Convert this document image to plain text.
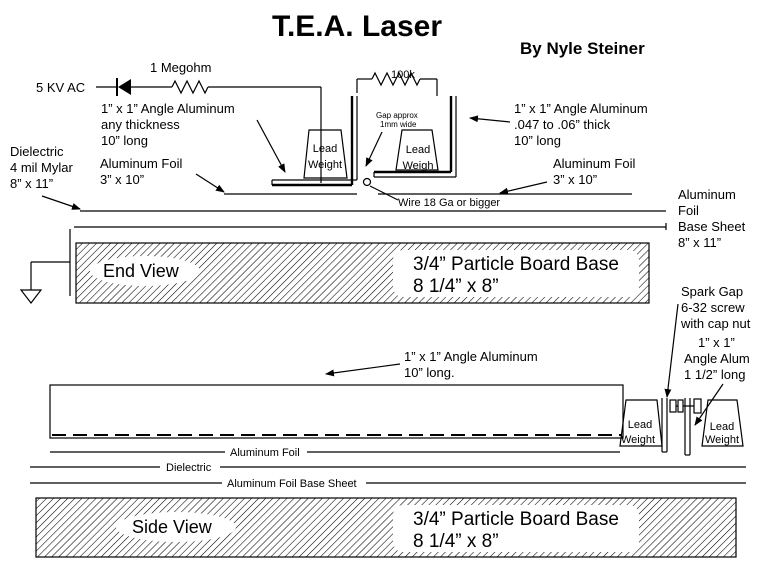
T.E.A. Laser
By Nyle Steiner
5 KV AC
1 Megohm	100k
Lead
Weight
Lead
Weigh
Gap approx
1mm wide
1” x 1” Angle Aluminum
any thickness
10” long
1” x 1” Angle Aluminum
.047 to .06” thick
10” long
Dielectric
4 mil Mylar
8” x 11”
Aluminum Foil
3” x 10”
Aluminum Foil
3” x 10”
Wire 18 Ga or bigger
Aluminum
Foil
Base Sheet
8” x 11”
End View	3/4” Particle Board Base
8 1/4” x 8”
1” x 1” Angle Aluminum
10” long.
Lead
Weight
Lead
Weight
Spark Gap
6-32 screw
with cap nut
1” x 1”
Angle Alum
1 1/2” long
Aluminum Foil
Dielectric
Aluminum Foil Base Sheet
Side View	3/4” Particle Board Base
8 1/4” x 8”
